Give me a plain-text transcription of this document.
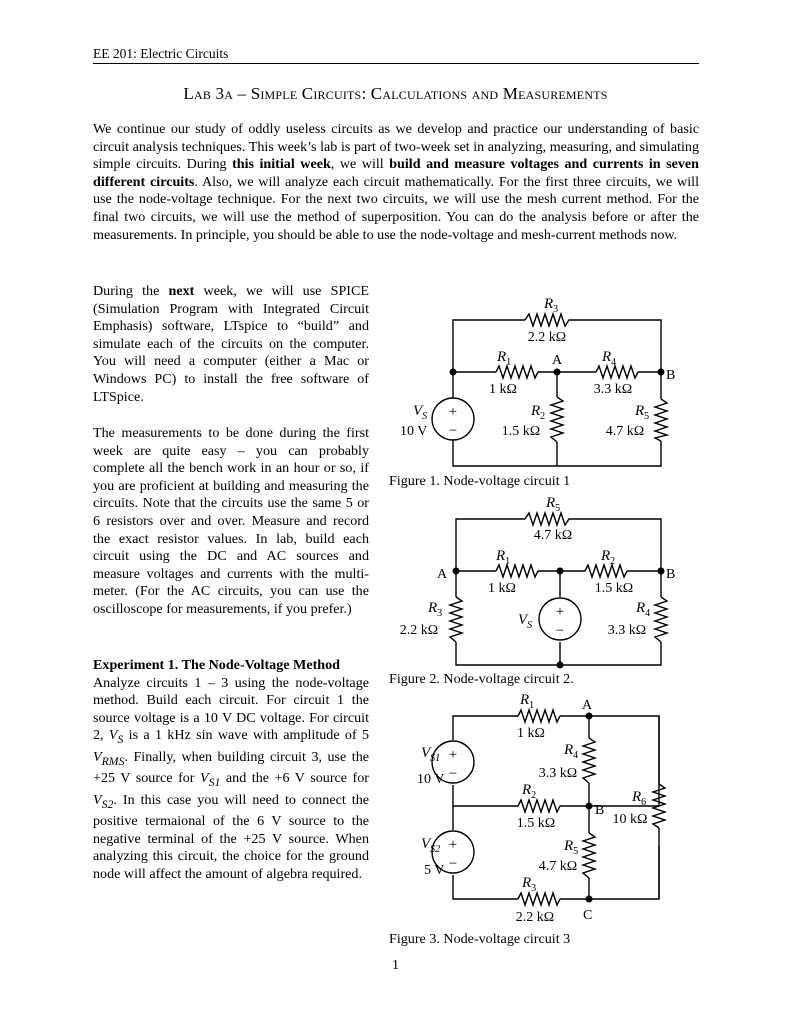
EE 201: Electric Circuits
Lab 3a – Simple Circuits: Calculations and Measurements

We continue our study of oddly useless circuits as we develop and practice our understanding of basic circuit analysis techniques. This week’s lab is part of two-week set in analyzing, measuring, and simulating simple circuits. During this initial week, we will build and measure voltages and currents in seven different circuits. Also, we will analyze each circuit mathematically. For the first three circuits, we will use the node-voltage technique. For the next two circuits, we will use the mesh current method. For the final two circuits, we will use the method of superposition. You can do the analysis before or after the measurements. In principle, you should be able to use the node-voltage and mesh-current methods now.

During the next week, we will use SPICE (Simulation Program with Integrated Circuit Emphasis) software, LTspice to “build” and simulate each of the circuits on the computer. You will need a computer (either a Mac or Windows PC) to install the free software of LTSpice.

The measurements to be done during the first week are quite easy – you can probably complete all the bench work in an hour or so, if you are proficient at building and measuring the circuits. Note that the circuits use the same 5 or 6 resistors over and over. Measure and record the exact resistor values. In lab, build each circuit using the DC and AC sources and measure voltages and currents with the multi-meter. (For the AC circuits, you can use the oscilloscope for measurements, if you prefer.)

Experiment 1. The Node-Voltage Method
Analyze circuits 1 – 3 using the node-voltage method. Build each circuit. For circuit 1 the source voltage is a 10 V DC voltage. For circuit 2, $V_S$ is a 1 kHz sin wave with amplitude of 5 $V_{RMS}$. Finally, when building circuit 3, use the +25 V source for $V_{S1}$ and the +6 V source for $V_{S2}$. In this case you will need to connect the positive termaional of the 6 V source to the negative terminal of the +25 V source. When analyzing this circuit, the choice for the ground node will affect the amount of algebra required.

Figure 1. Node-voltage circuit 1
Figure 2. Node-voltage circuit 2.
Figure 3. Node-voltage circuit 3
1
+
−
$R_3$
2.2 kΩ
$R_1$
1 kΩ
A	$R_4$
3.3 kΩ
B
$R_2$
1.5 kΩ
$R_5$
4.7 kΩ
$V_S$
10 V
+
−
$R_5$
4.7 kΩ
$R_1$
1 kΩ
$R_2$
1.5 kΩ
A	B
$R_3$
2.2 kΩ
$V_S$
$R_4$
3.3 kΩ
+
−
+
−
$R_1$
1 kΩ
A
$R_4$
3.3 kΩ
$R_2$
1.5 kΩ
B
$R_6$
10 kΩ
$R_5$
4.7 kΩ
$R_3$
2.2 kΩ C
$V_{S1}$
10 V
$V_{S2}$
5 V
